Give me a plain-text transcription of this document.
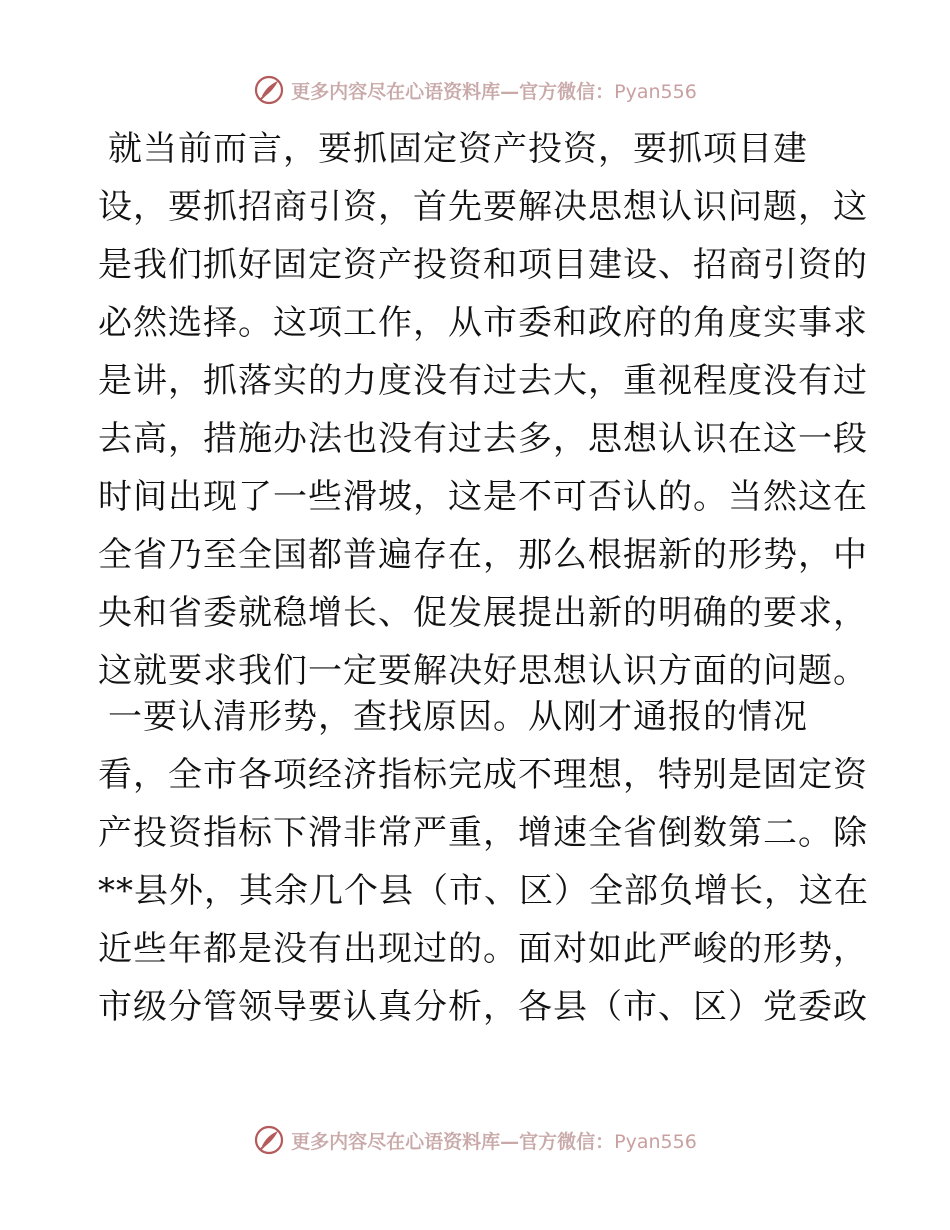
更多内容尽在心语资料库—官方微信：Pyan556
就当前而言，要抓固定资产投资，要抓项目建
设，要抓招商引资，首先要解决思想认识问题，这
是我们抓好固定资产投资和项目建设、招商引资的
必然选择。这项工作，从市委和政府的角度实事求
是讲，抓落实的力度没有过去大，重视程度没有过
去高，措施办法也没有过去多，思想认识在这一段
时间出现了一些滑坡，这是不可否认的。当然这在
全省乃至全国都普遍存在，那么根据新的形势，中
央和省委就稳增长、促发展提出新的明确的要求，
这就要求我们一定要解决好思想认识方面的问题。
一要认清形势，查找原因。从刚才通报的情况
看，全市各项经济指标完成不理想，特别是固定资
产投资指标下滑非常严重，增速全省倒数第二。除
**县外，其余几个县（市、区）全部负增长，这在
近些年都是没有出现过的。面对如此严峻的形势，
市级分管领导要认真分析，各县（市、区）党委政
更多内容尽在心语资料库—官方微信：Pyan556
